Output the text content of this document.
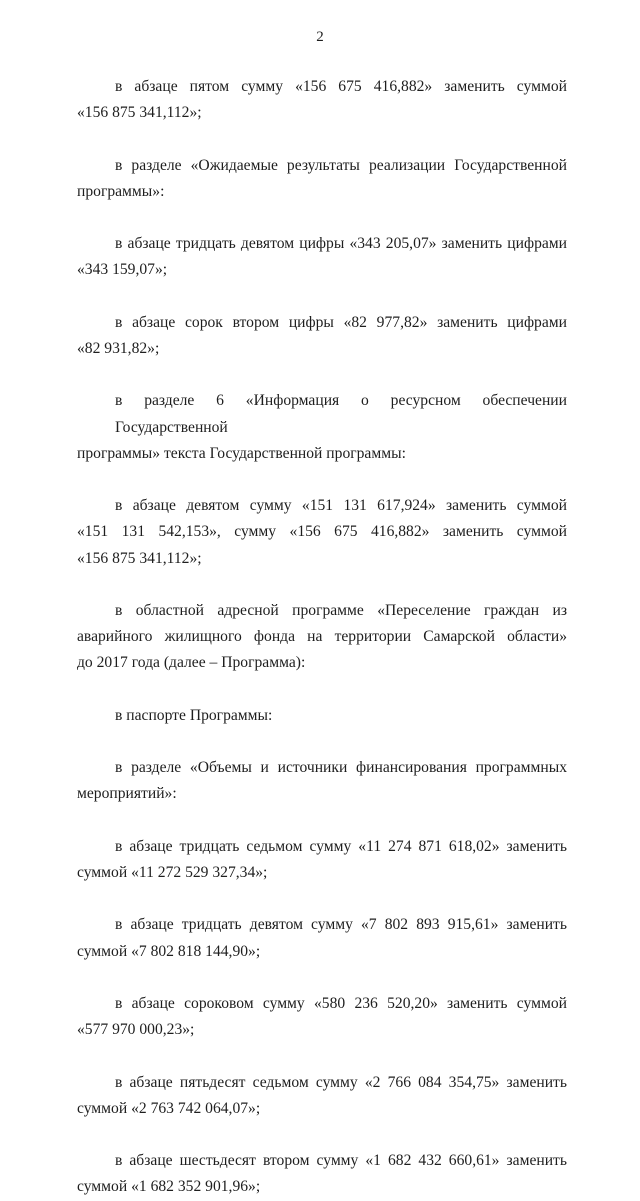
2
в абзаце пятом сумму «156 675 416,882» заменить суммой
«156 875 341,112»;
в разделе «Ожидаемые результаты реализации Государственной
программы»:
в абзаце тридцать девятом цифры «343 205,07» заменить цифрами
«343 159,07»;
в абзаце сорок втором цифры «82 977,82» заменить цифрами
«82 931,82»;
в разделе 6 «Информация о ресурсном обеспечении Государственной
программы» текста Государственной программы:
в абзаце девятом сумму «151 131 617,924» заменить суммой
«151 131 542,153», сумму «156 675 416,882» заменить суммой
«156 875 341,112»;
в областной адресной программе «Переселение граждан из
аварийного жилищного фонда на территории Самарской области»
до 2017 года (далее – Программа):
в паспорте Программы:
в разделе «Объемы и источники финансирования программных
мероприятий»:
в абзаце тридцать седьмом сумму «11 274 871 618,02» заменить
суммой «11 272 529 327,34»;
в абзаце тридцать девятом сумму «7 802 893 915,61» заменить
суммой «7 802 818 144,90»;
в абзаце сороковом сумму «580 236 520,20» заменить суммой
«577 970 000,23»;
в абзаце пятьдесят седьмом сумму «2 766 084 354,75» заменить
суммой «2 763 742 064,07»;
в абзаце шестьдесят втором сумму «1 682 432 660,61» заменить
суммой «1 682 352 901,96»;
